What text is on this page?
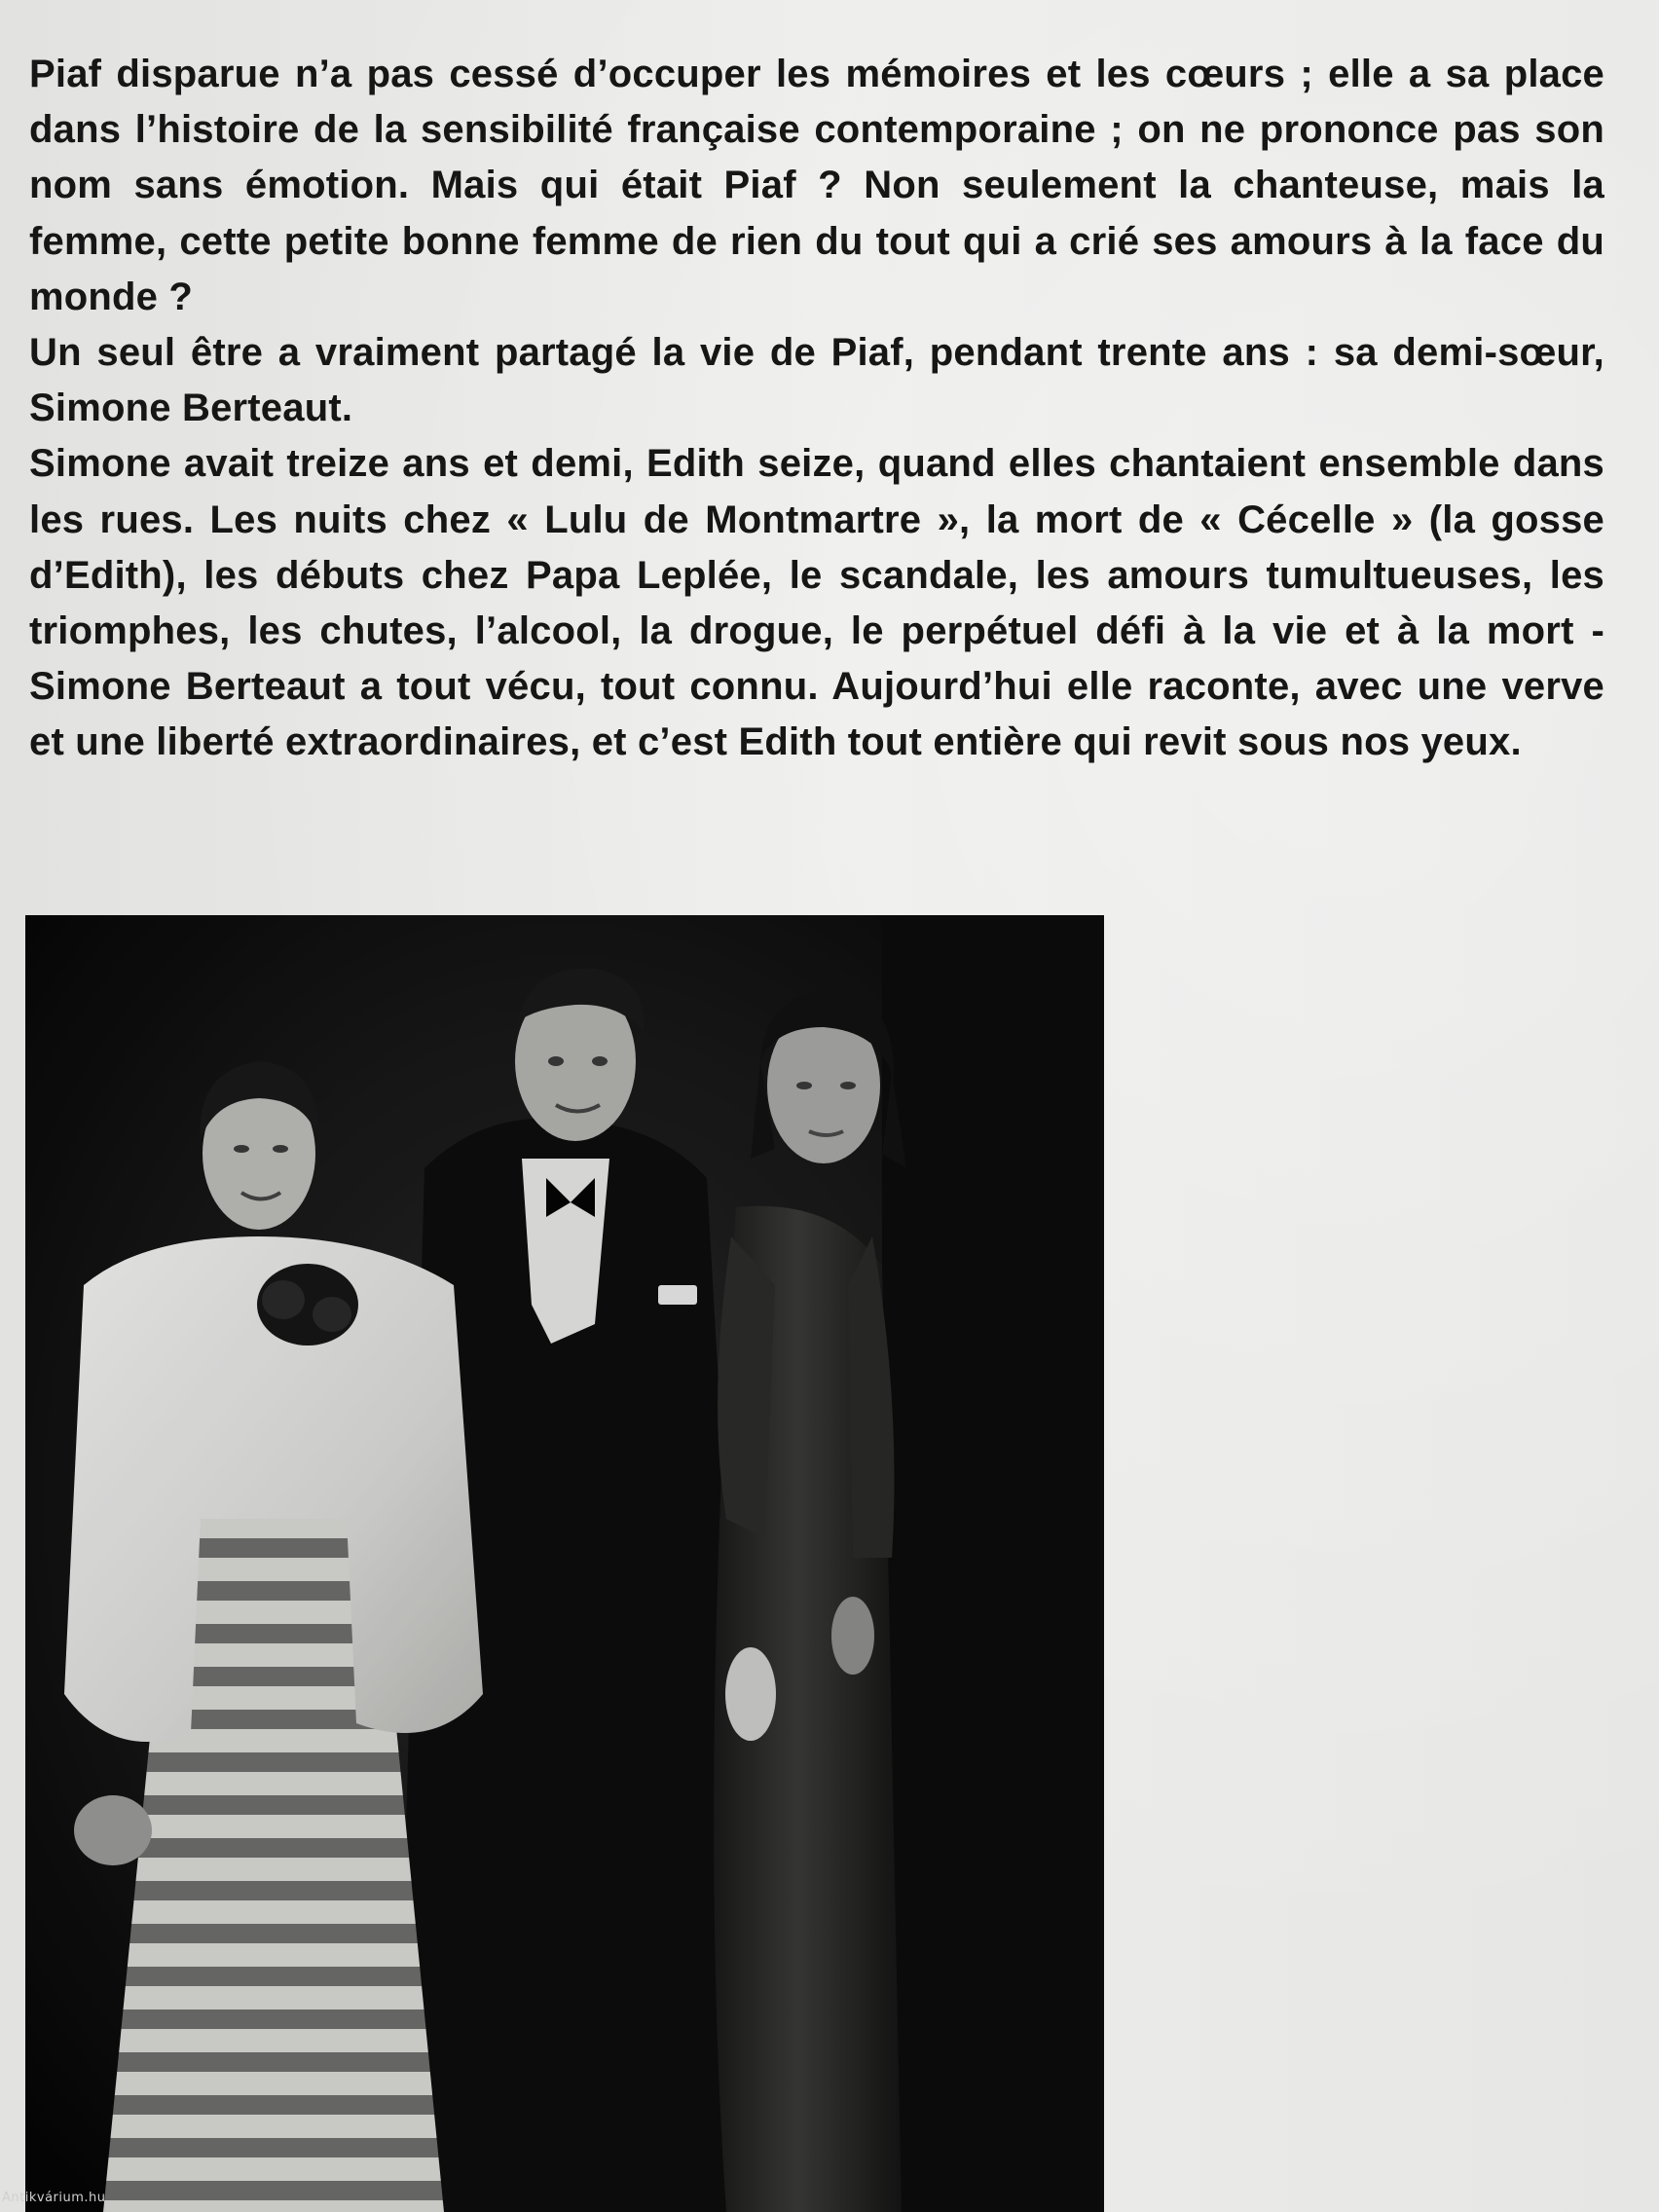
Piaf disparue n’a pas cessé d’occuper les mémoires et les cœurs ; elle a sa place dans l’histoire de la sensibilité française contemporaine ; on ne prononce pas son nom sans émotion. Mais qui était Piaf ? Non seulement la chanteuse, mais la femme, cette petite bonne femme de rien du tout qui a crié ses amours à la face du monde ?

Un seul être a vraiment partagé la vie de Piaf, pendant trente ans : sa demi-sœur, Simone Berteaut.

Simone avait treize ans et demi, Edith seize, quand elles chantaient ensemble dans les rues. Les nuits chez « Lulu de Montmartre », la mort de « Cécelle » (la gosse d’Edith), les débuts chez Papa Leplée, le scandale, les amours tumultueuses, les triomphes, les chutes, l’alcool, la drogue, le perpétuel défi à la vie et à la mort - Simone Berteaut a tout vécu, tout connu. Aujourd’hui elle raconte, avec une verve et une liberté extraordinaires, et c’est Edith tout entière qui revit sous nos yeux.

Antikvárium.hu
